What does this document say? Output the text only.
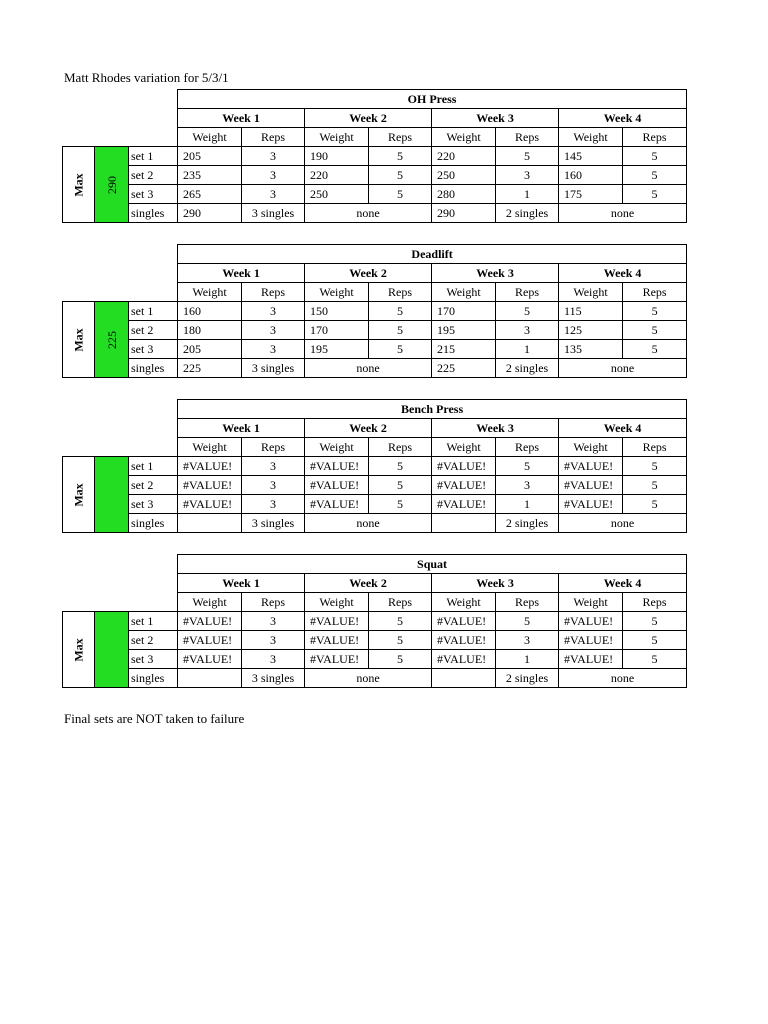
Matt Rhodes variation for 5/3/1
			OH Press							
			Week 1		Week 2		Week 3		Week 4	
			Weight	Reps	Weight	Reps	Weight	Reps	Weight	Reps
Max	290	set 1	205	3	190	5	220	5	145	5
		set 2	235	3	220	5	250	3	160	5
		set 3	265	3	250	5	280	1	175	5
		singles	290	3 singles	none		290	2 singles	none	
			Deadlift							
			Week 1		Week 2		Week 3		Week 4	
			Weight	Reps	Weight	Reps	Weight	Reps	Weight	Reps
Max	225	set 1	160	3	150	5	170	5	115	5
		set 2	180	3	170	5	195	3	125	5
		set 3	205	3	195	5	215	1	135	5
		singles	225	3 singles	none		225	2 singles	none	
			Bench Press							
			Week 1		Week 2		Week 3		Week 4	
			Weight	Reps	Weight	Reps	Weight	Reps	Weight	Reps
Max		set 1	#VALUE!	3	#VALUE!	5	#VALUE!	5	#VALUE!	5
		set 2	#VALUE!	3	#VALUE!	5	#VALUE!	3	#VALUE!	5
		set 3	#VALUE!	3	#VALUE!	5	#VALUE!	1	#VALUE!	5
		singles		3 singles	none			2 singles	none	
			Squat							
			Week 1		Week 2		Week 3		Week 4	
			Weight	Reps	Weight	Reps	Weight	Reps	Weight	Reps
Max		set 1	#VALUE!	3	#VALUE!	5	#VALUE!	5	#VALUE!	5
		set 2	#VALUE!	3	#VALUE!	5	#VALUE!	3	#VALUE!	5
		set 3	#VALUE!	3	#VALUE!	5	#VALUE!	1	#VALUE!	5
		singles		3 singles	none			2 singles	none	
Final sets are NOT taken to failure
